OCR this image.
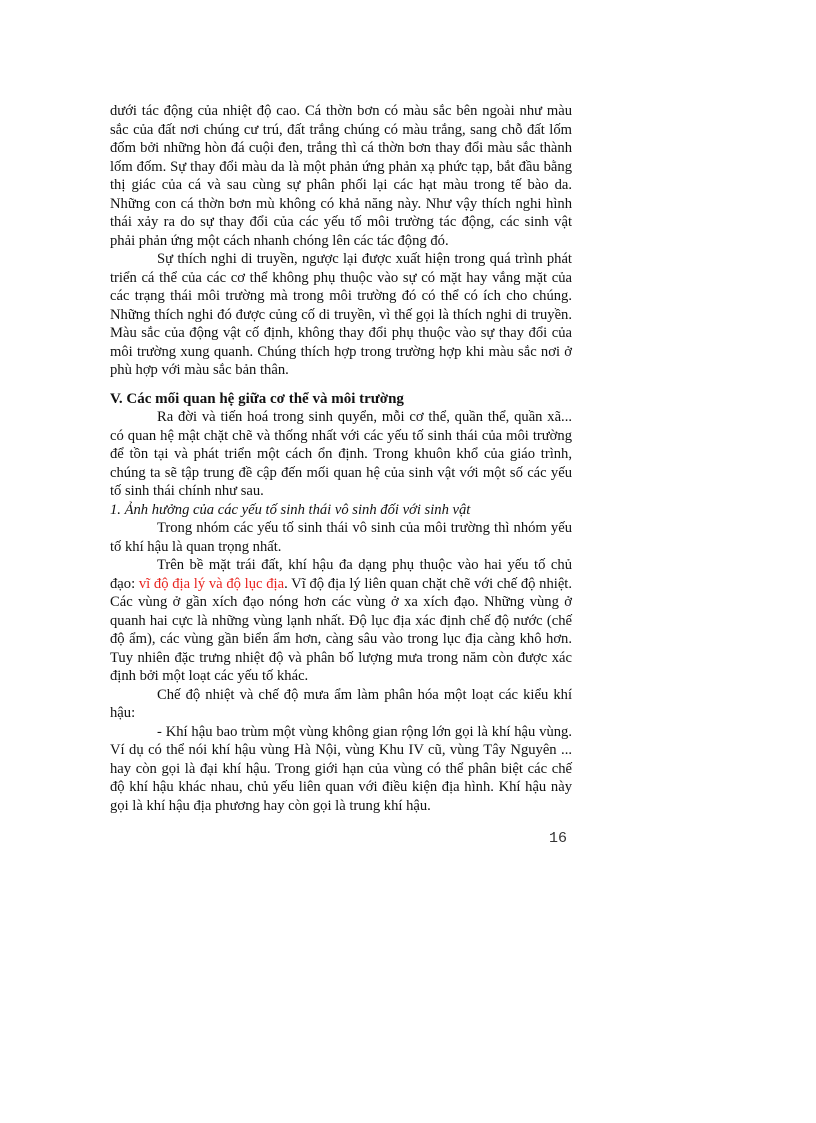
dưới tác động của nhiệt độ cao. Cá thờn bơn có màu sắc bên ngoài như màu sắc của đất nơi chúng cư trú, đất trắng chúng có màu trắng, sang chỗ đất lốm đốm bởi những hòn đá cuội đen, trắng thì cá thờn bơn thay đổi màu sắc thành lốm đốm. Sự thay đổi màu da là một phản ứng phản xạ phức tạp, bắt đầu bằng thị giác của cá và sau cùng sự phân phối lại các hạt màu trong tế bào da. Những con cá thờn bơn mù không có khả năng này. Như vậy thích nghi hình thái xảy ra do sự thay đổi của các yếu tố môi trường tác động, các sinh vật phải phản ứng một cách nhanh chóng lên các tác động đó.

Sự thích nghi di truyền, ngược lại được xuất hiện trong quá trình phát triển cá thể của các cơ thể không phụ thuộc vào sự có mặt hay vắng mặt của các trạng thái môi trường mà trong môi trường đó có thể có ích cho chúng. Những thích nghi đó được củng cố di truyền, vì thế gọi là thích nghi di truyền. Màu sắc của động vật cố định, không thay đổi phụ thuộc vào sự thay đổi của môi trường xung quanh. Chúng thích hợp trong trường hợp khi màu sắc nơi ở phù hợp với màu sắc bản thân.

V. Các mối quan hệ giữa cơ thể và môi trường

Ra đời và tiến hoá trong sinh quyển, mỗi cơ thể, quần thể, quần xã... có quan hệ mật chặt chẽ và thống nhất với các yếu tố sinh thái của môi trường để tồn tại và phát triển một cách ổn định. Trong khuôn khổ của giáo trình, chúng ta sẽ tập trung đề cập đến mối quan hệ của sinh vật với một số các yếu tố sinh thái chính như sau.

1. Ảnh hưởng của các yếu tố sinh thái vô sinh đối với sinh vật

Trong nhóm các yếu tố sinh thái vô sinh của môi trường thì nhóm yếu tố khí hậu là quan trọng nhất.

Trên bề mặt trái đất, khí hậu đa dạng phụ thuộc vào hai yếu tố chủ đạo: vĩ độ địa lý và độ lục địa. Vĩ độ địa lý liên quan chặt chẽ với chế độ nhiệt. Các vùng ở gần xích đạo nóng hơn các vùng ở xa xích đạo. Những vùng ở quanh hai cực là những vùng lạnh nhất. Độ lục địa xác định chế độ nước (chế độ ẩm), các vùng gần biển ẩm hơn, càng sâu vào trong lục địa càng khô hơn. Tuy nhiên đặc trưng nhiệt độ và phân bố lượng mưa trong năm còn được xác định bởi một loạt các yếu tố khác.

Chế độ nhiệt và chế độ mưa ẩm làm phân hóa một loạt các kiểu khí hậu:

- Khí hậu bao trùm một vùng không gian rộng lớn gọi là khí hậu vùng. Ví dụ có thể nói khí hậu vùng Hà Nội, vùng Khu IV cũ, vùng Tây Nguyên ... hay còn gọi là đại khí hậu. Trong giới hạn của vùng có thể phân biệt các chế độ khí hậu khác nhau, chủ yếu liên quan với điều kiện địa hình. Khí hậu này gọi là khí hậu địa phương hay còn gọi là trung khí hậu.

16
